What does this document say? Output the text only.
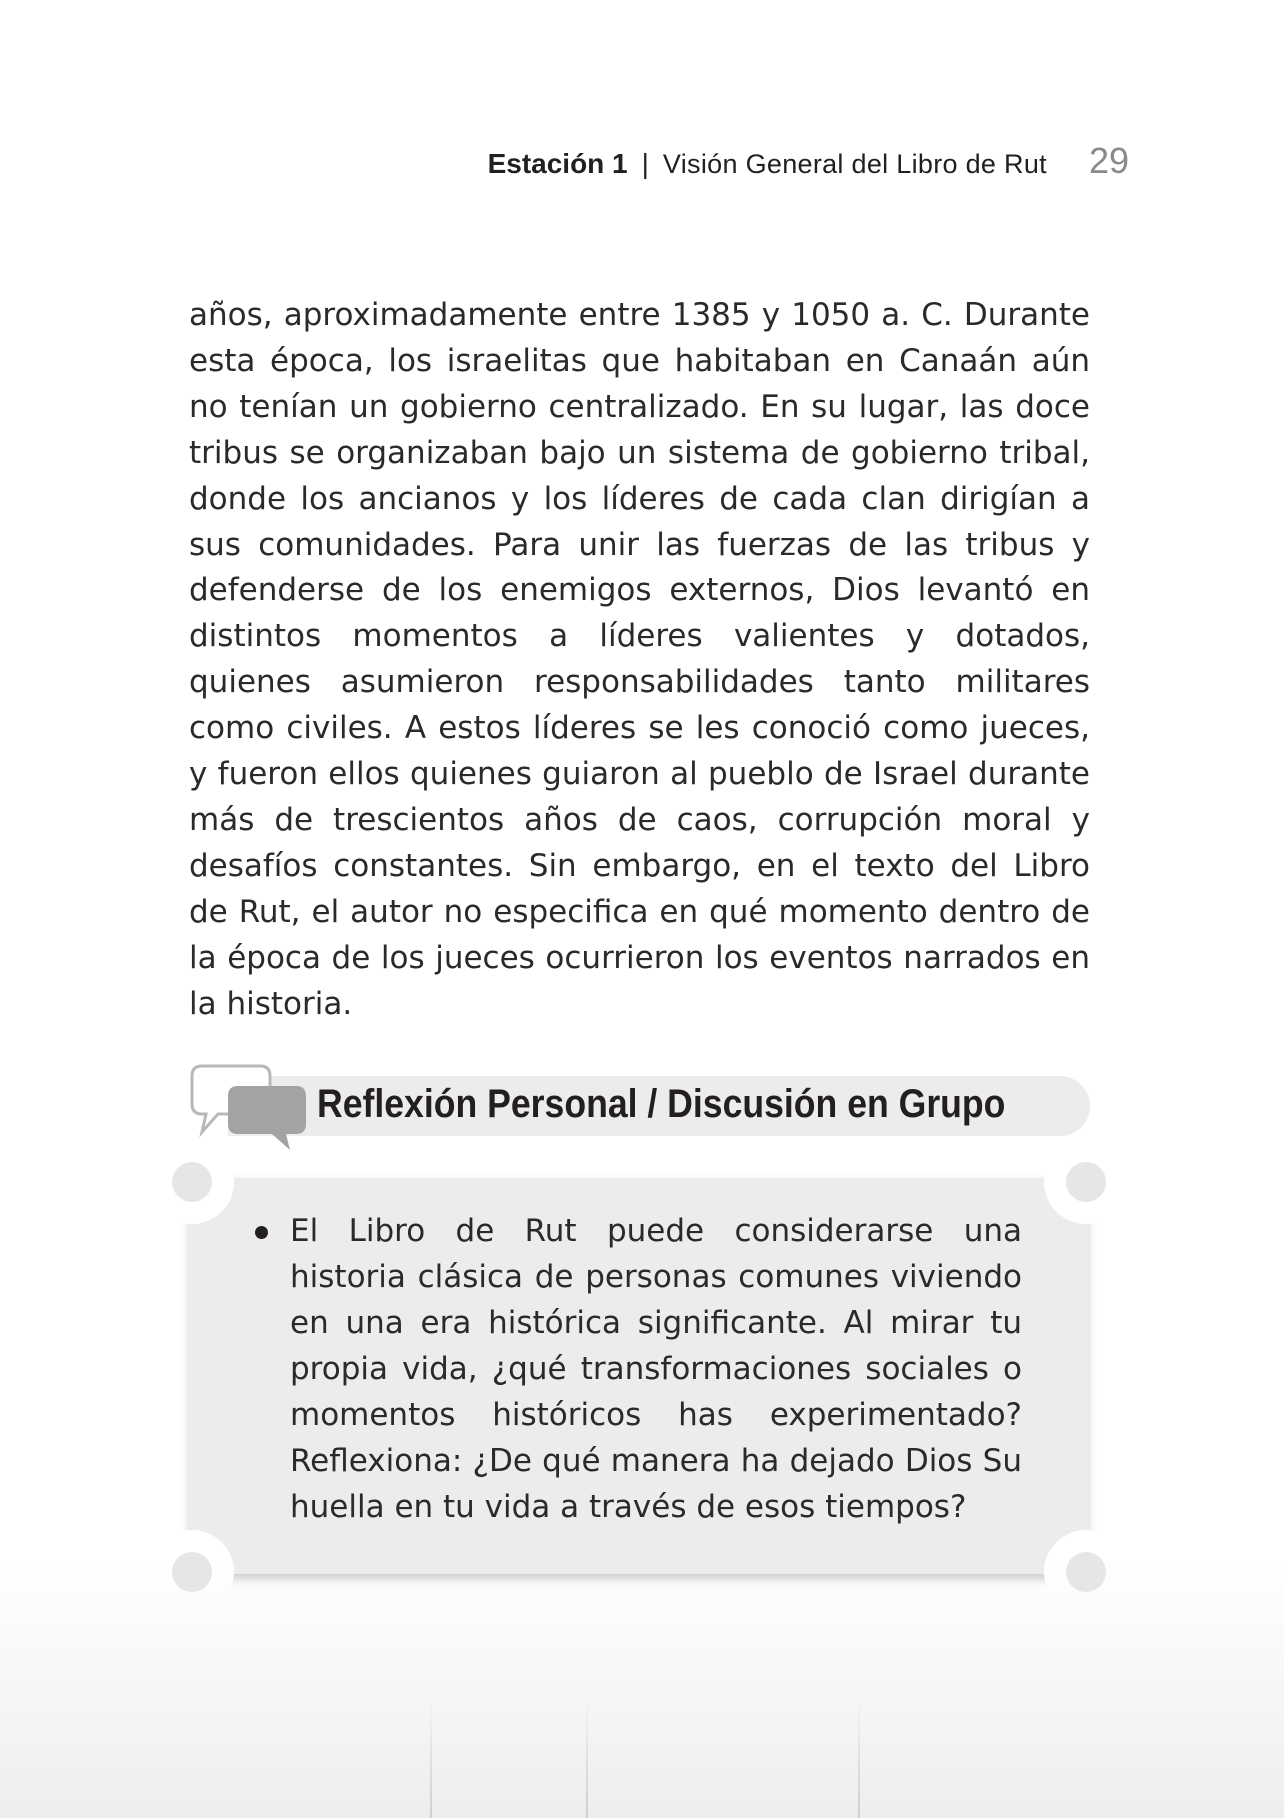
Estación 1 | Visión General del Libro de Rut 29

años, aproximadamente entre 1385 y 1050 a. C. Durante esta época, los israelitas que habitaban en Canaán aún no tenían un gobierno centralizado. En su lugar, las doce tribus se organizaban bajo un sistema de gobierno tribal, donde los ancianos y los líderes de cada clan dirigían a sus comunidades. Para unir las fuerzas de las tribus y defenderse de los enemigos externos, Dios levantó en distintos momentos a líderes valientes y dotados, quienes asumieron responsabilidades tanto militares como civiles. A estos líderes se les conoció como jueces, y fueron ellos quienes guiaron al pueblo de Israel durante más de trescientos años de caos, corrupción moral y desafíos constantes. Sin embargo, en el texto del Libro de Rut, el autor no especifica en qué momento dentro de la época de los jueces ocurrieron los eventos narrados en la historia.

Reflexión Personal / Discusión en Grupo
El Libro de Rut puede considerarse una historia clásica de personas comunes viviendo en una era histórica significante. Al mirar tu propia vida, ¿qué transformaciones sociales o momentos históricos has experimentado? Reflexiona: ¿De qué manera ha dejado Dios Su huella en tu vida a través de esos tiempos?
